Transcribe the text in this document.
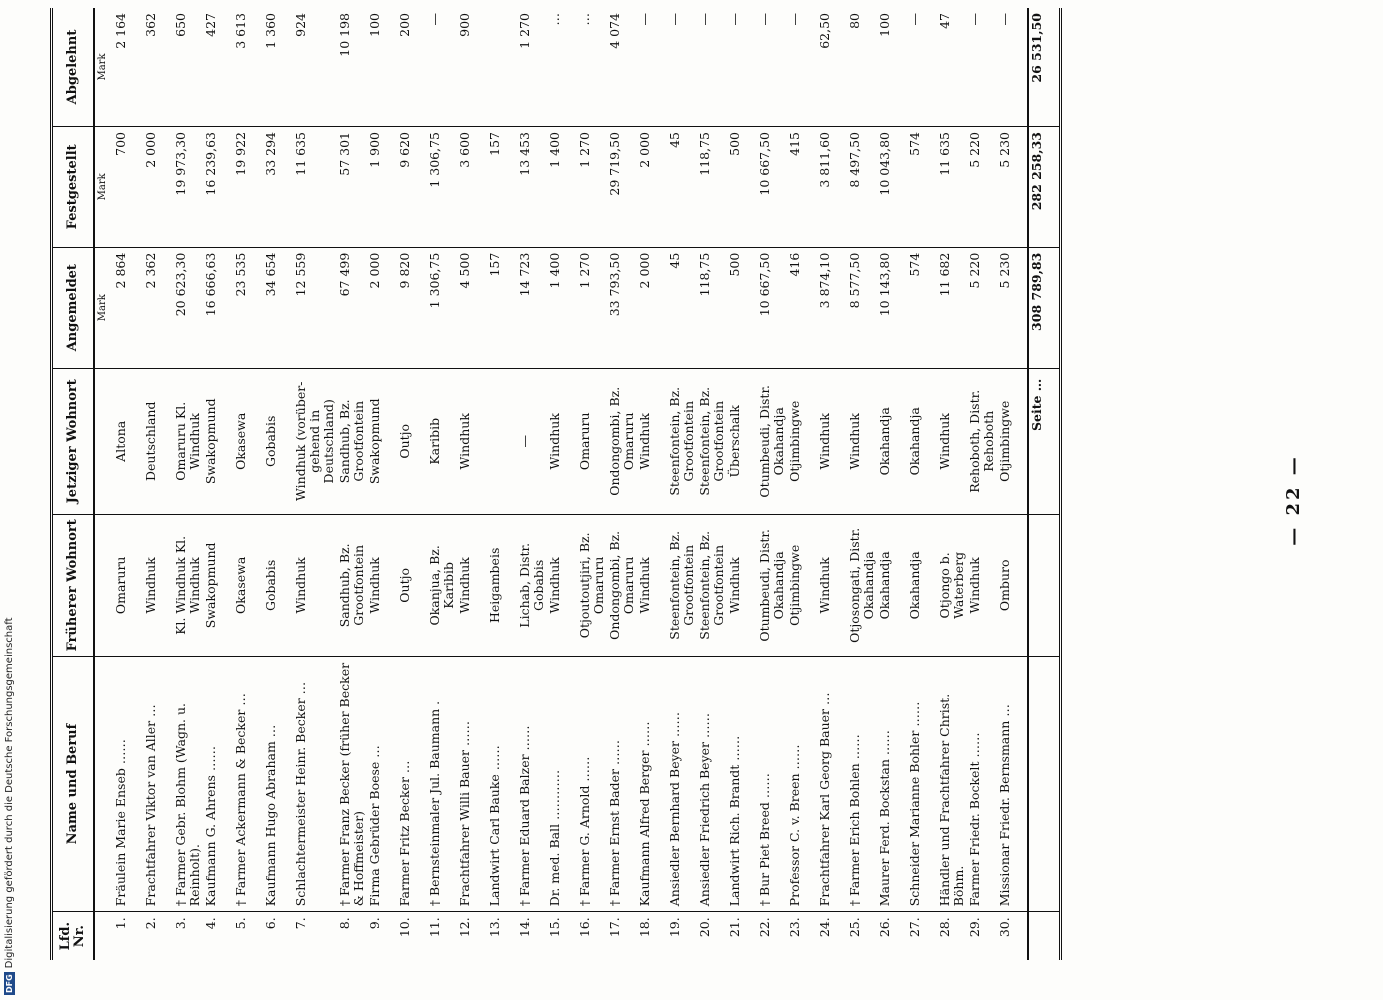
— 22 —
Lfd. Nr.	Name und Beruf	Früherer Wohnort	Jetziger Wohnort	Angemeldet	Festgestellt	Abgelehnt
				Mark	Mark	Mark
1.	Fräulein Marie Enseb ……	Omaruru	Altona	2 864	700	2 164
2.	Frachtfahrer Viktor van Aller …	Windhuk	Deutschland	2 362	2 000	362
3.	† Farmer Gebr. Blohm (Wagn. u. Reinholt).	Kl. Windhuk Kl. Windhuk	Omaruru Kl. Windhuk	20 623,30	19 973,30	650
4.	Kaufmann G. Ahrens ……	Swakopmund	Swakopmund	16 666,63	16 239,63	427
5.	† Farmer Ackermann & Becker …	Okasewa	Okasewa	23 535	19 922	3 613
6.	Kaufmann Hugo Abraham …	Gobabis	Gobabis	34 654	33 294	1 360
7.	Schlachtermeister Heinr. Becker …	Windhuk	Windhuk (vorüber-gehend in Deutschland)	12 559	11 635	924
8.	† Farmer Franz Becker (früher Becker & Hoffmeister)	Sandhub, Bz. Grootfontein	Sandhub, Bz. Grootfontein	67 499	57 301	10 198
9.	Firma Gebrüder Boese …	Windhuk	Swakopmund	2 000	1 900	100
10.	Farmer Fritz Becker …	Outjo	Outjo	9 820	9 620	200
11.	† Bernsteinmaler Jul. Baumann .	Okanjua, Bz. Karibib	Karibib	1 306,75	1 306,75	—
12.	Frachtfahrer Willi Bauer ……	Windhuk	Windhuk	4 500	3 600	900
13.	Landwirt Carl Bauke ……	Heigambeis		157	157	
14.	† Farmer Eduard Balzer ……	Lichab, Distr. Gobabis	—	14 723	13 453	1 270
15.	Dr. med. Ball …………	Windhuk	Windhuk	1 400	1 400	…
16.	† Farmer G. Arnold ……	Otjoutoutjiri, Bz. Omaruru	Omaruru	1 270	1 270	…
17.	† Farmer Ernst Bader ……	Ondongombi, Bz. Omaruru	Ondongombi, Bz. Omaruru	33 793,50	29 719,50	4 074
18.	Kaufmann Alfred Berger ……	Windhuk	Windhuk	2 000	2 000	—
19.	Ansiedler Bernhard Beyer ……	Steenfontein, Bz. Grootfontein	Steenfontein, Bz. Grootfontein	45	45	—
20.	Ansiedler Friedrich Beyer ……	Steenfontein, Bz. Grootfontein	Steenfontein, Bz. Grootfontein	118,75	118,75	—
21.	Landwirt Rich. Brandt ……	Windhuk	Überschalk	500	500	—
22.	† Bur Piet Breed ……	Otumbeudi, Distr. Okahandja	Otumbeudi, Distr. Okahandja	10 667,50	10 667,50	—
23.	Professor C. v. Breen ……	Otjimbingwe	Otjimbingwe	416	415	—
24.	Frachtfahrer Karl Georg Bauer …	Windhuk	Windhuk	3 874,10	3 811,60	62,50
25.	† Farmer Erich Bohlen ……	Otjosongati, Distr. Okahandja	Windhuk	8 577,50	8 497,50	80
26.	Maurer Ferd. Bockstan ……	Okahandja	Okahandja	10 143,80	10 043,80	100
27.	Schneider Marianne Bohler ……	Okahandja	Okahandja	574	574	—
28.	Händler und Frachtfahrer Christ. Böhm.	Otjongo b. Waterberg	Windhuk	11 682	11 635	47
29.	Farmer Friedr. Bockelt ……	Windhuk	Rehoboth, Distr. Rehoboth	5 220	5 220	—
30.	Missionar Friedr. Bernsmann …	Omburo	Otjimbingwe	5 230	5 230	—
			Seite …	308 789,83	282 258,33	26 531,50
DFGDigitalisierung gefördert durch die Deutsche Forschungsgemeinschaft
